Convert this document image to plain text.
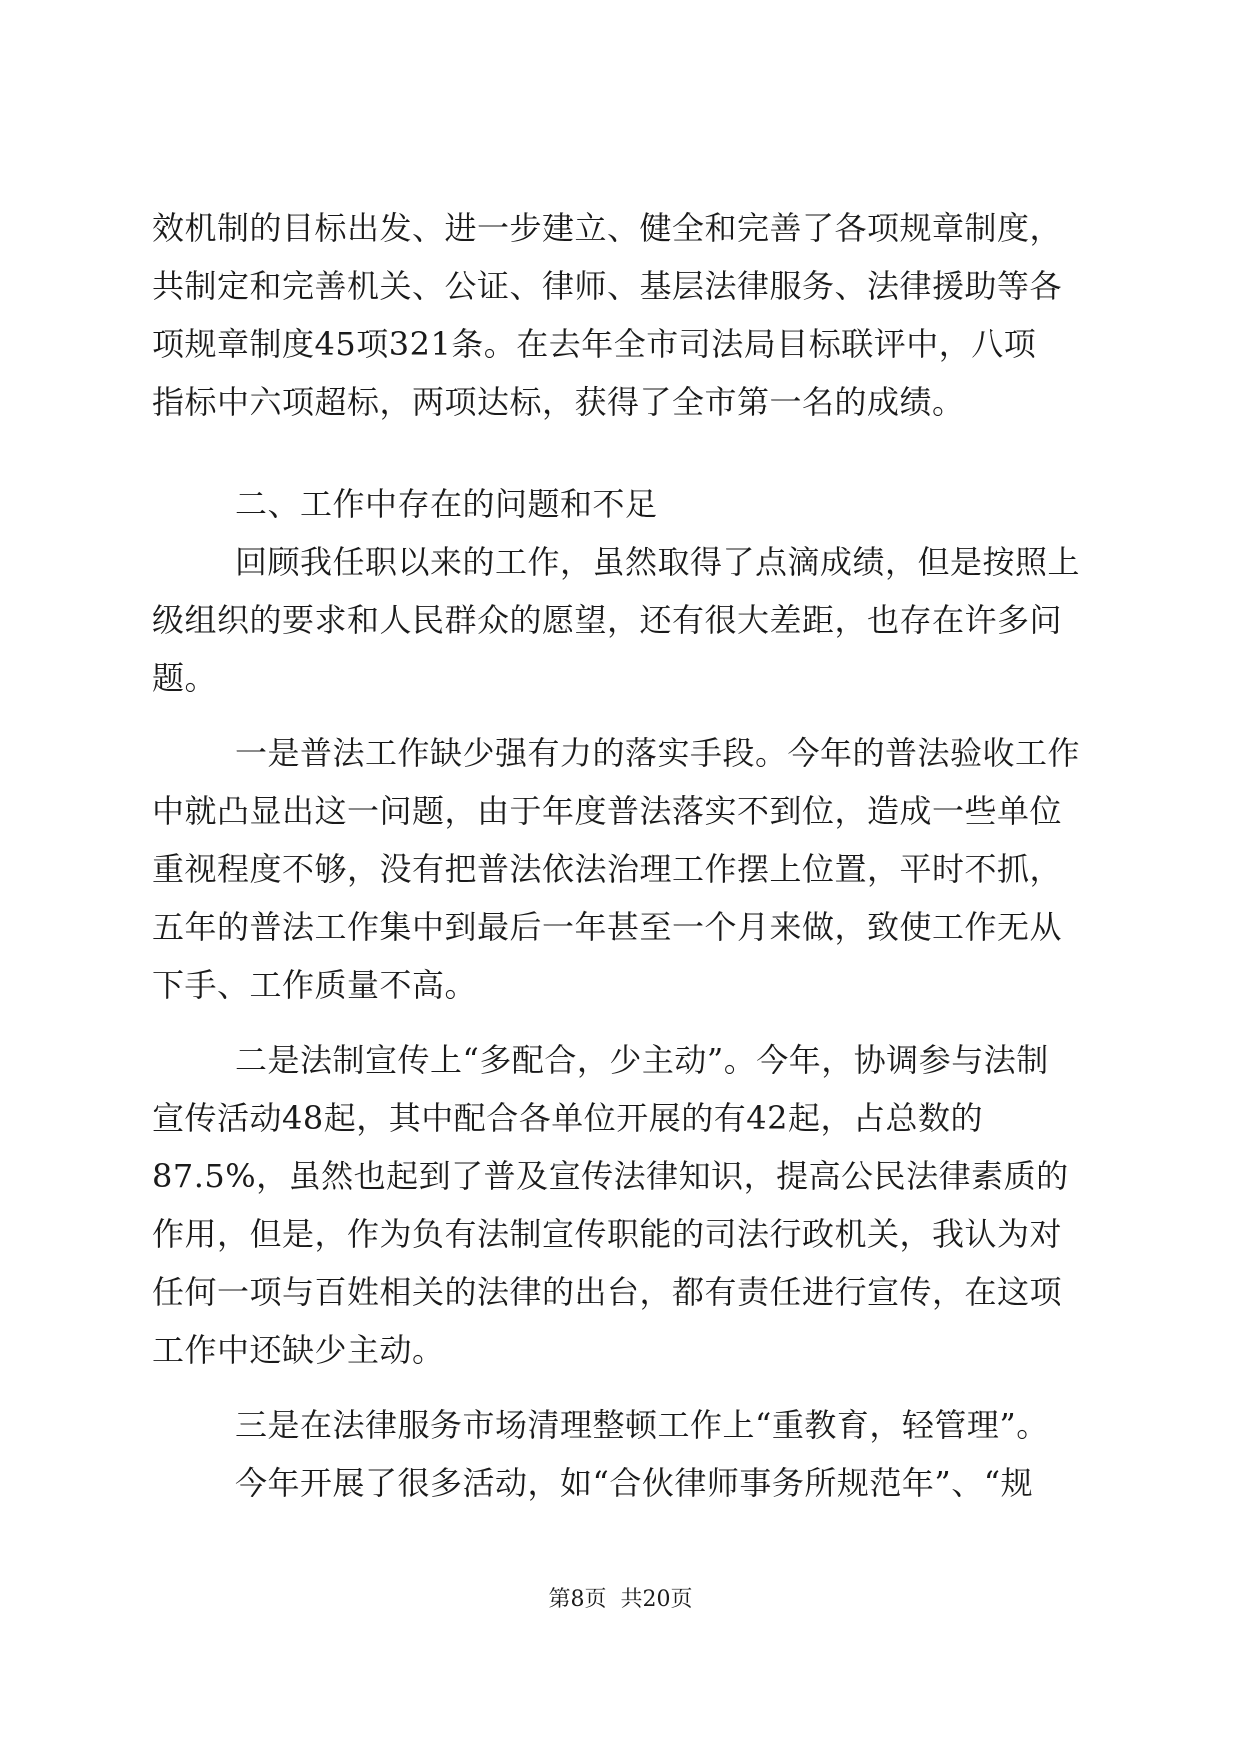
效机制的目标出发、进一步建立、健全和完善了各项规章制度，
共制定和完善机关、公证、律师、基层法律服务、法律援助等各
项规章制度45项321条。在去年全市司法局目标联评中，八项
指标中六项超标，两项达标，获得了全市第一名的成绩。
二、工作中存在的问题和不足
回顾我任职以来的工作，虽然取得了点滴成绩，但是按照上
级组织的要求和人民群众的愿望，还有很大差距，也存在许多问
题。
一是普法工作缺少强有力的落实手段。今年的普法验收工作
中就凸显出这一问题，由于年度普法落实不到位，造成一些单位
重视程度不够，没有把普法依法治理工作摆上位置，平时不抓，
五年的普法工作集中到最后一年甚至一个月来做，致使工作无从
下手、工作质量不高。
二是法制宣传上“多配合，少主动”。今年，协调参与法制
宣传活动48起，其中配合各单位开展的有42起，占总数的
87.5%，虽然也起到了普及宣传法律知识，提高公民法律素质的
作用，但是，作为负有法制宣传职能的司法行政机关，我认为对
任何一项与百姓相关的法律的出台，都有责任进行宣传，在这项
工作中还缺少主动。
三是在法律服务市场清理整顿工作上“重教育，轻管理”。
今年开展了很多活动，如“合伙律师事务所规范年”、“规
第8页 共20页
